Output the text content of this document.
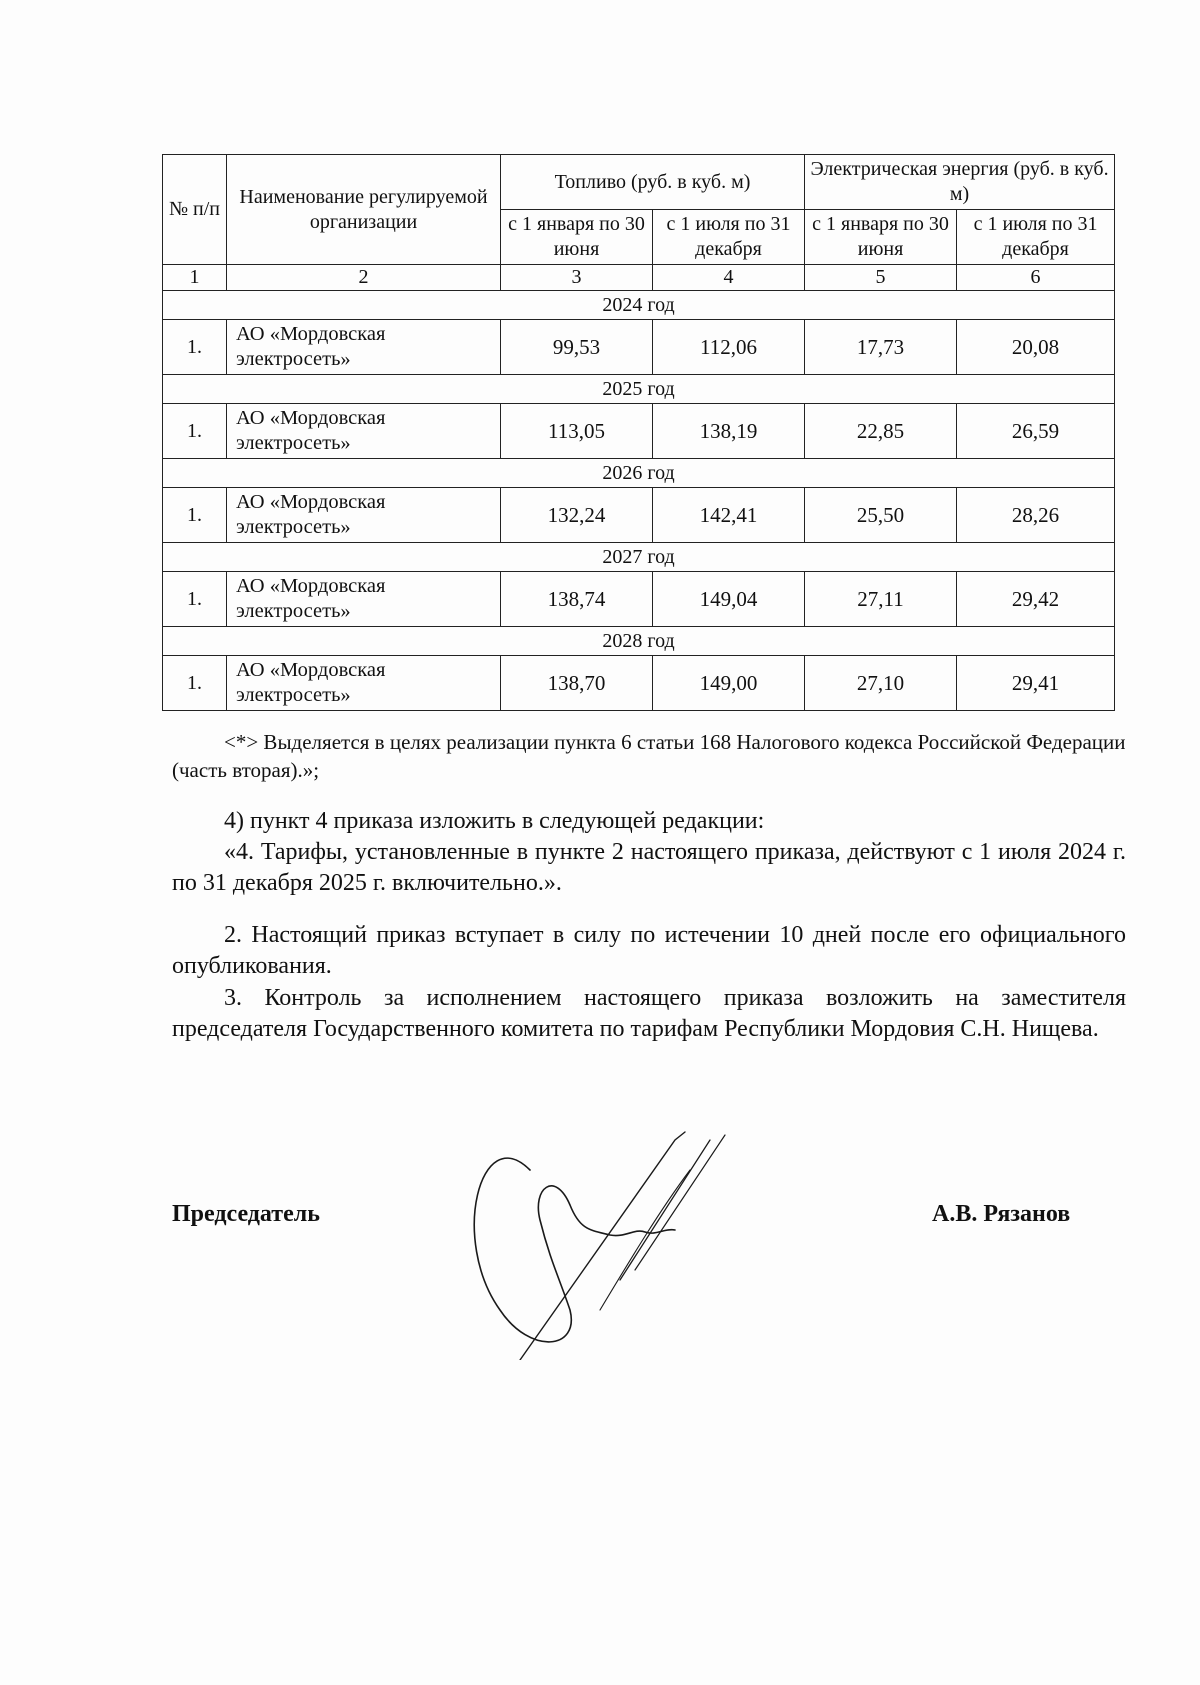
№ п/п	Наименование регулируемой организации	Топливо (руб. в куб. м)		Электрическая энергия (руб. в куб. м)	
		с 1 января по 30 июня	с 1 июля по 31 декабря	с 1 января по 30 июня	с 1 июля по 31 декабря
1	2	3	4	5	6
2024 год					
1.	АО «Мордовская электросеть»	99,53	112,06	17,73	20,08
2025 год					
1.	АО «Мордовская электросеть»	113,05	138,19	22,85	26,59
2026 год					
1.	АО «Мордовская электросеть»	132,24	142,41	25,50	28,26
2027 год					
1.	АО «Мордовская электросеть»	138,74	149,04	27,11	29,42
2028 год					
1.	АО «Мордовская электросеть»	138,70	149,00	27,10	29,41
<*> Выделяется в целях реализации пункта 6 статьи 168 Налогового кодекса Российской Федерации (часть вторая).»;
4) пункт 4 приказа изложить в следующей редакции:
«4. Тарифы, установленные в пункте 2 настоящего приказа, действуют с 1 июля 2024 г. по 31 декабря 2025 г. включительно.».
2. Настоящий приказ вступает в силу по истечении 10 дней после его официального опубликования.
3. Контроль за исполнением настоящего приказа возложить на заместителя председателя Государственного комитета по тарифам Республики Мордовия С.Н. Нищева.
Председатель	А.В. Рязанов
